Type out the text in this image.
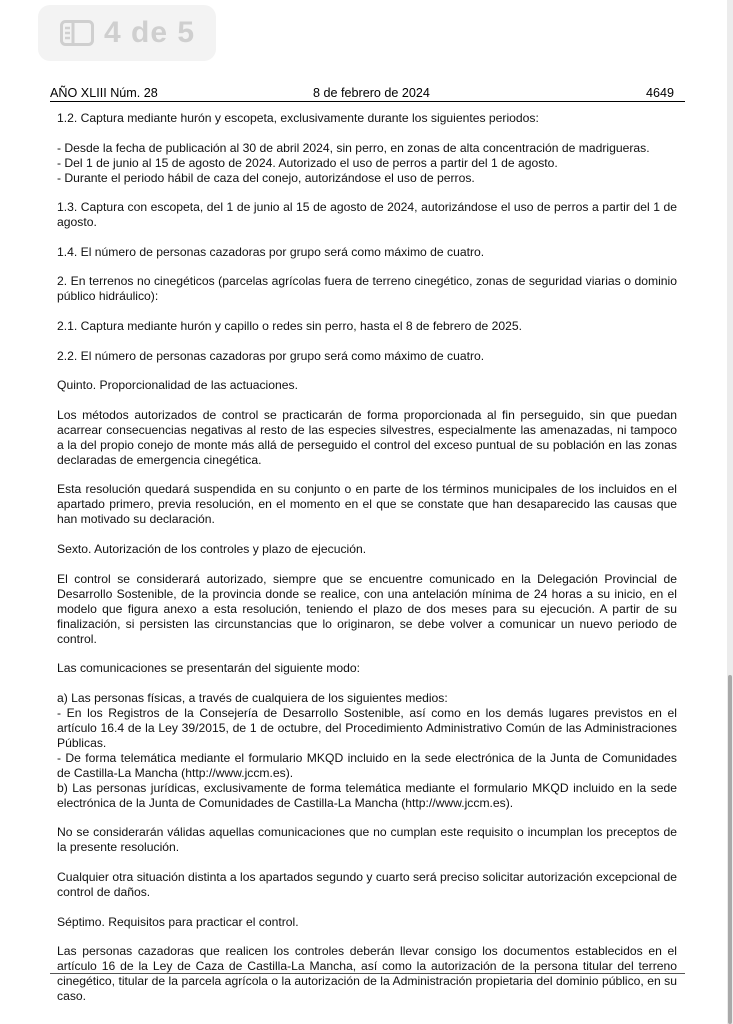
4 de 5
AÑO XLIII Núm. 28	8 de febrero de 2024	4649

1.2. Captura mediante hurón y escopeta, exclusivamente durante los siguientes periodos:

- Desde la fecha de publicación al 30 de abril 2024, sin perro, en zonas de alta concentración de madrigueras.
- Del 1 de junio al 15 de agosto de 2024. Autorizado el uso de perros a partir del 1 de agosto.
- Durante el periodo hábil de caza del conejo, autorizándose el uso de perros.

1.3. Captura con escopeta, del 1 de junio al 15 de agosto de 2024, autorizándose el uso de perros a partir del 1 de agosto.

1.4. El número de personas cazadoras por grupo será como máximo de cuatro.

2. En terrenos no cinegéticos (parcelas agrícolas fuera de terreno cinegético, zonas de seguridad viarias o dominio público hidráulico):

2.1. Captura mediante hurón y capillo o redes sin perro, hasta el 8 de febrero de 2025.

2.2. El número de personas cazadoras por grupo será como máximo de cuatro.

Quinto. Proporcionalidad de las actuaciones.

Los métodos autorizados de control se practicarán de forma proporcionada al fin perseguido, sin que puedan acarrear consecuencias negativas al resto de las especies silvestres, especialmente las amenazadas, ni tampoco a la del propio conejo de monte más allá de perseguido el control del exceso puntual de su población en las zonas declaradas de emergencia cinegética.

Esta resolución quedará suspendida en su conjunto o en parte de los términos municipales de los incluidos en el apartado primero, previa resolución, en el momento en el que se constate que han desaparecido las causas que han motivado su declaración.

Sexto. Autorización de los controles y plazo de ejecución.

El control se considerará autorizado, siempre que se encuentre comunicado en la Delegación Provincial de Desarrollo Sostenible, de la provincia donde se realice, con una antelación mínima de 24 horas a su inicio, en el modelo que figura anexo a esta resolución, teniendo el plazo de dos meses para su ejecución. A partir de su finalización, si persisten las circunstancias que lo originaron, se debe volver a comunicar un nuevo periodo de control.

Las comunicaciones se presentarán del siguiente modo:

a) Las personas físicas, a través de cualquiera de los siguientes medios:
- En los Registros de la Consejería de Desarrollo Sostenible, así como en los demás lugares previstos en el artículo 16.4 de la Ley 39/2015, de 1 de octubre, del Procedimiento Administrativo Común de las Administraciones Públicas.
- De forma telemática mediante el formulario MKQD incluido en la sede electrónica de la Junta de Comunidades de Castilla-La Mancha (http://www.jccm.es).
b) Las personas jurídicas, exclusivamente de forma telemática mediante el formulario MKQD incluido en la sede electrónica de la Junta de Comunidades de Castilla-La Mancha (http://www.jccm.es).

No se considerarán válidas aquellas comunicaciones que no cumplan este requisito o incumplan los preceptos de la presente resolución.

Cualquier otra situación distinta a los apartados segundo y cuarto será preciso solicitar autorización excepcional de control de daños.

Séptimo. Requisitos para practicar el control.

Las personas cazadoras que realicen los controles deberán llevar consigo los documentos establecidos en el artículo 16 de la Ley de Caza de Castilla-La Mancha, así como la autorización de la persona titular del terreno cinegético, titular de la parcela agrícola o la autorización de la Administración propietaria del dominio público, en su caso.
